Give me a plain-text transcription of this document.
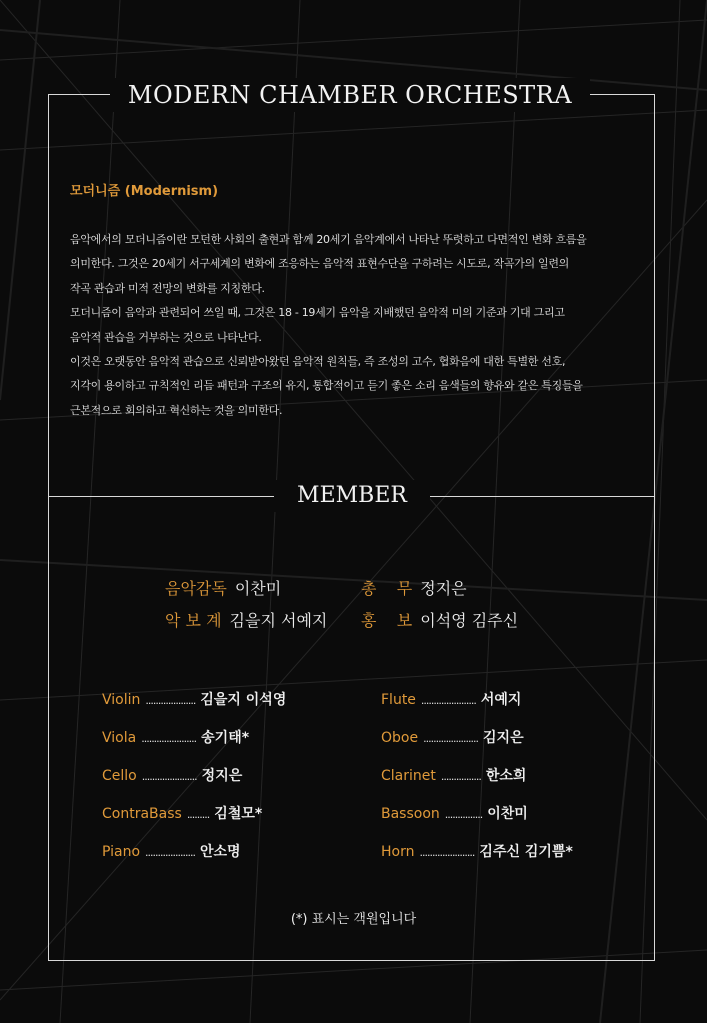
MODERN CHAMBER ORCHESTRA
모더니즘 (Modernism)

음악에서의 모더니즘이란 모던한 사회의 출현과 함께 20세기 음악계에서 나타난 뚜렷하고 다면적인 변화 흐름을

의미한다. 그것은 20세기 서구세계의 변화에 조응하는 음악적 표현수단을 구하려는 시도로, 작곡가의 일련의

작곡 관습과 미적 전망의 변화를 지칭한다.

모더니즘이 음악과 관련되어 쓰일 때, 그것은 18 - 19세기 음악을 지배했던 음악적 미의 기준과 기대 그리고

음악적 관습을 거부하는 것으로 나타난다.

이것은 오랫동안 음악적 관습으로 신뢰받아왔던 음악적 원칙들, 즉 조성의 고수, 협화음에 대한 특별한 선호,

지각이 용이하고 규칙적인 리듬 패턴과 구조의 유지, 통합적이고 듣기 좋은 소리 음색들의 향유와 같은 특징들을

근본적으로 회의하고 혁신하는 것을 의미한다.

MEMBER
음악감독 이찬미	총    무 정지은
악 보 계 김을지 서예지 홍    보 이석영 김주신
Violin .................... 김을지 이석영
Viola ...................... 송기태*
Cello ...................... 정지은
ContraBass ......... 김철모*
Piano .................... 안소명
Flute ...................... 서예지
Oboe ...................... 김지은
Clarinet ................ 한소희
Bassoon ............... 이찬미
Horn ...................... 김주신 김기쁨*
(*) 표시는 객원입니다
